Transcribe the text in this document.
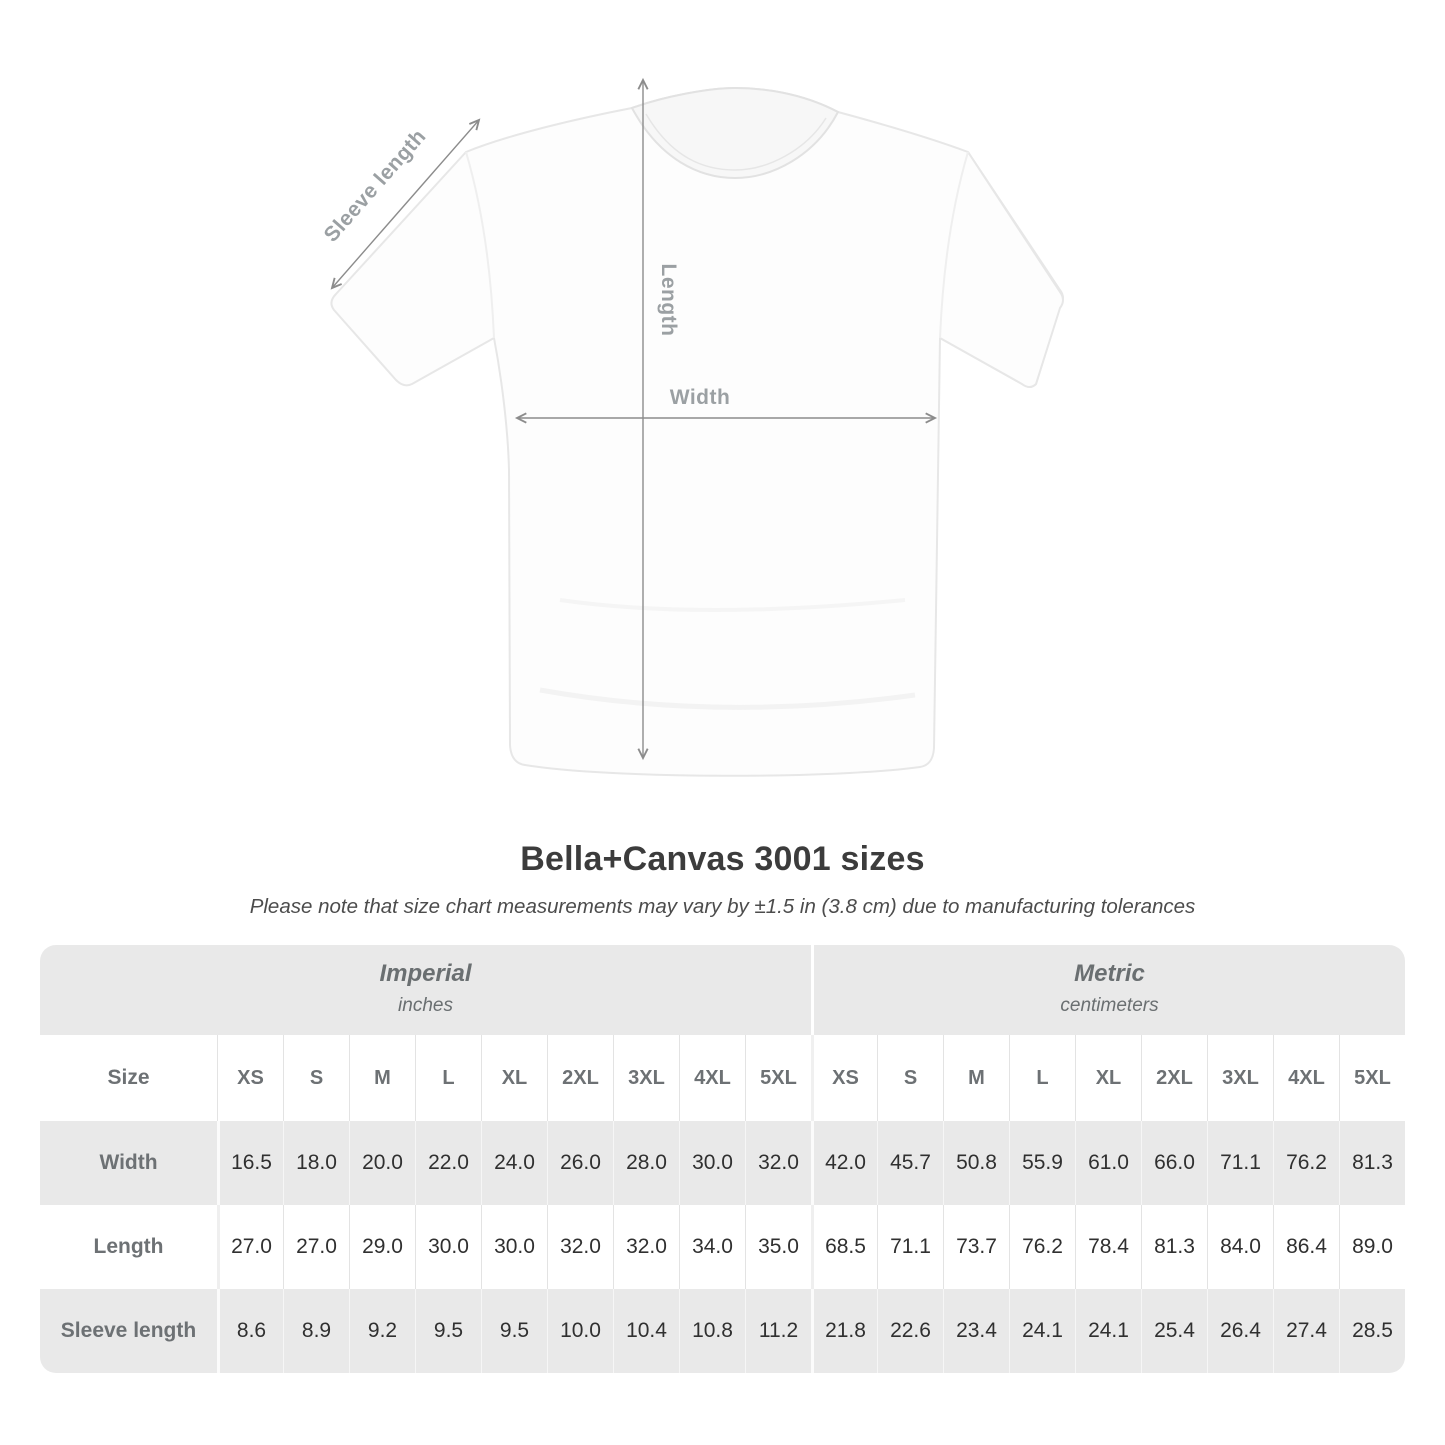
Sleeve length
Length
Width
Bella+Canvas 3001 sizes
Please note that size chart measurements may vary by ±1.5 in (3.8 cm) due to manufacturing tolerances
Imperial
inches
Metric
centimeters
Size	XS	S	M	L	XL	2XL	3XL	4XL	5XL	XS	S	M	L	XL	2XL	3XL	4XL	5XL
Width	16.5	18.0	20.0	22.0	24.0	26.0	28.0	30.0	32.0	42.0	45.7	50.8	55.9	61.0	66.0	71.1	76.2	81.3
Length	27.0	27.0	29.0	30.0	30.0	32.0	32.0	34.0	35.0	68.5	71.1	73.7	76.2	78.4	81.3	84.0	86.4	89.0
Sleeve length	8.6	8.9	9.2	9.5	9.5	10.0	10.4	10.8	11.2	21.8	22.6	23.4	24.1	24.1	25.4	26.4	27.4	28.5
